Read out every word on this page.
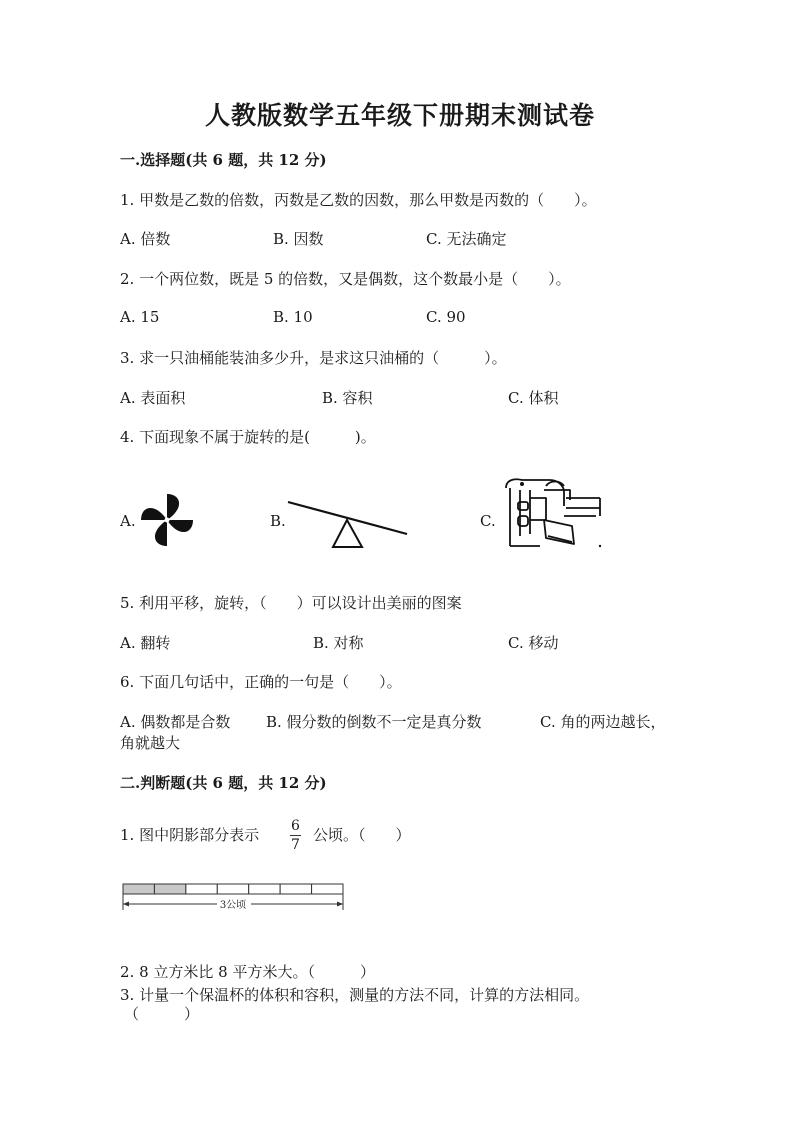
人教版数学五年级下册期末测试卷
一.选择题(共 6 题，共 12 分)
1. 甲数是乙数的倍数，丙数是乙数的因数，那么甲数是丙数的（　　）。
A. 倍数	B. 因数	C. 无法确定
2. 一个两位数，既是 5 的倍数，又是偶数，这个数最小是（　　）。
A. 15	B. 10	C. 90
3. 求一只油桶能装油多少升，是求这只油桶的（　　　）。
A. 表面积	B. 容积	C. 体积
4. 下面现象不属于旋转的是(　　　)。
A.	B.	C.
5. 利用平移，旋转，（　　）可以设计出美丽的图案
A. 翻转	B. 对称	C. 移动
6. 下面几句话中，正确的一句是（　　）。
A. 偶数都是合数 B. 假分数的倒数不一定是真分数	C. 角的两边越长，
角就越大
二.判断题(共 6 题，共 12 分)
1. 图中阴影部分表示 6
7
公顷。（　　）
3公顷
2. 8 立方米比 8 平方米大。（　　　）
3. 计量一个保温杯的体积和容积，测量的方法不同，计算的方法相同。
（　　　）
